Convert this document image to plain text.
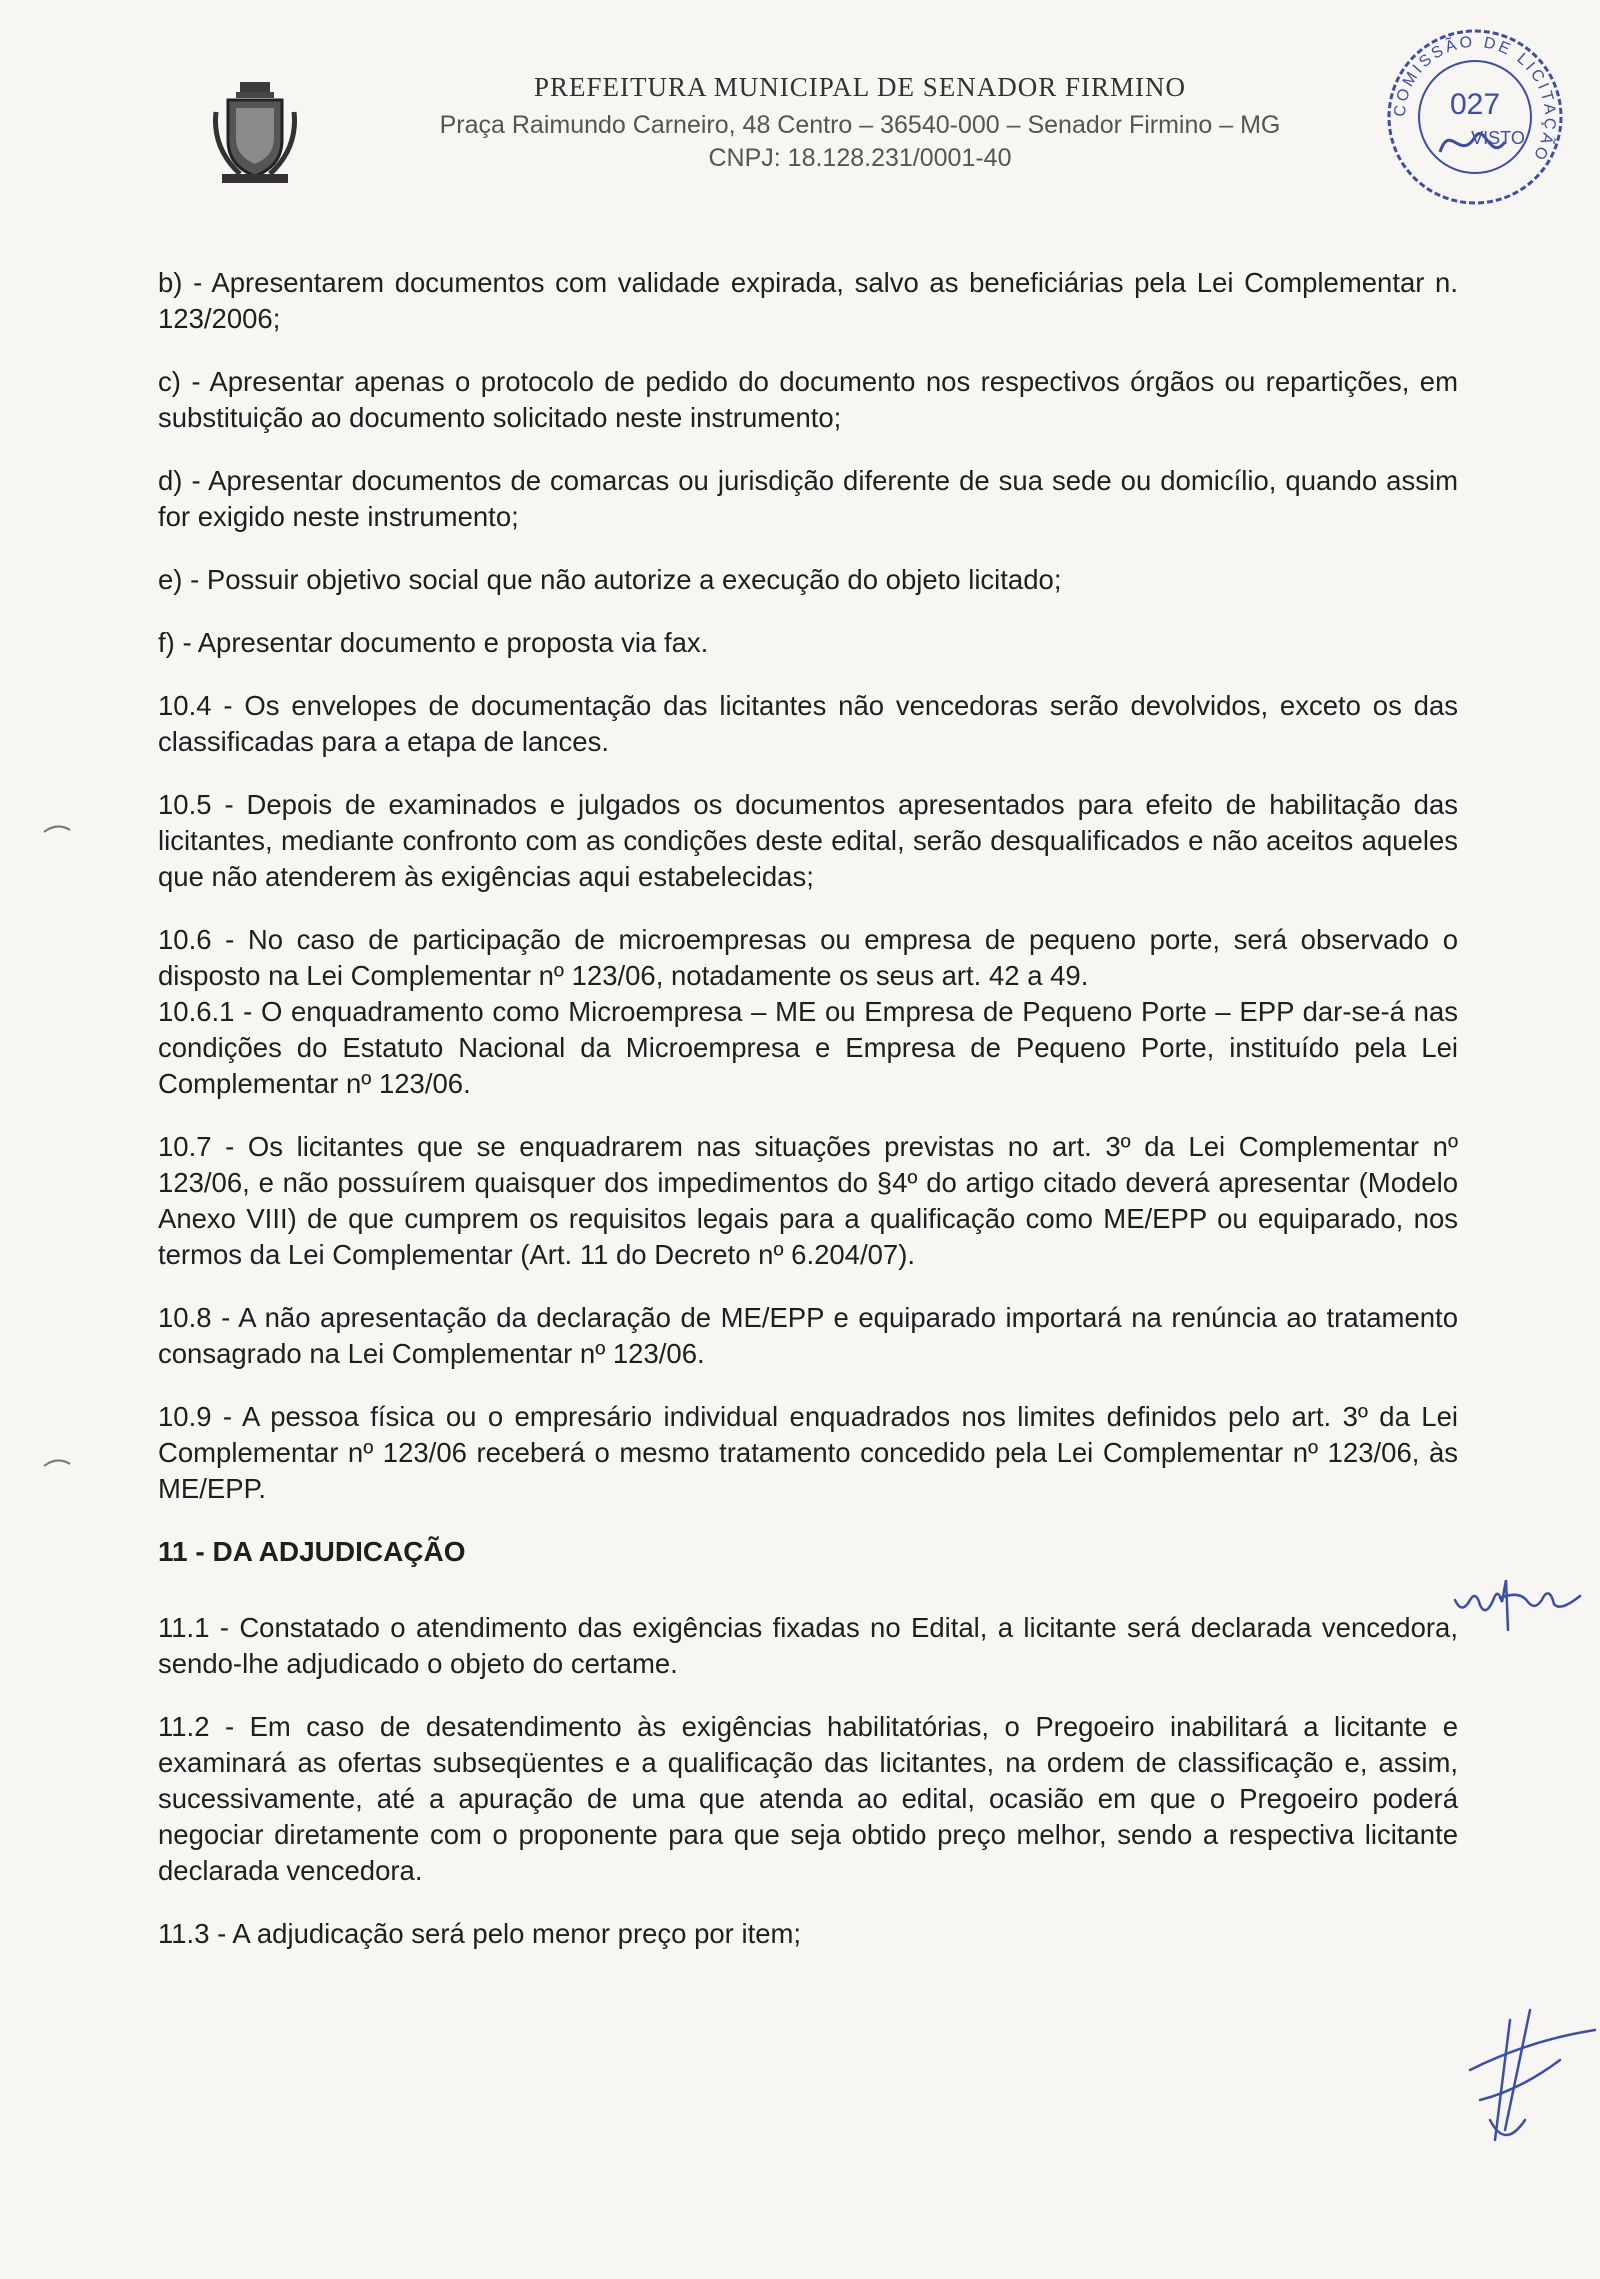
PREFEITURA MUNICIPAL DE SENADOR FIRMINO
Praça Raimundo Carneiro, 48 Centro – 36540-000 – Senador Firmino – MG
CNPJ: 18.128.231/0001-40
COMISSÃO DE LICITAÇÃO
027
VISTO

b) - Apresentarem documentos com validade expirada, salvo as beneficiárias pela Lei Complementar n. 123/2006;

c) - Apresentar apenas o protocolo de pedido do documento nos respectivos órgãos ou repartições, em substituição ao documento solicitado neste instrumento;

d) - Apresentar documentos de comarcas ou jurisdição diferente de sua sede ou domicílio, quando assim for exigido neste instrumento;

e) - Possuir objetivo social que não autorize a execução do objeto licitado;

f) - Apresentar documento e proposta via fax.

10.4 - Os envelopes de documentação das licitantes não vencedoras serão devolvidos, exceto os das classificadas para a etapa de lances.

10.5 - Depois de examinados e julgados os documentos apresentados para efeito de habilitação das licitantes, mediante confronto com as condições deste edital, serão desqualificados e não aceitos aqueles que não atenderem às exigências aqui estabelecidas;

10.6 - No caso de participação de microempresas ou empresa de pequeno porte, será observado o disposto na Lei Complementar nº 123/06, notadamente os seus art. 42 a 49.

10.6.1 - O enquadramento como Microempresa – ME ou Empresa de Pequeno Porte – EPP dar-se-á nas condições do Estatuto Nacional da Microempresa e Empresa de Pequeno Porte, instituído pela Lei Complementar nº 123/06.

10.7 - Os licitantes que se enquadrarem nas situações previstas no art. 3º da Lei Complementar nº 123/06, e não possuírem quaisquer dos impedimentos do §4º do artigo citado deverá apresentar (Modelo Anexo VIII) de que cumprem os requisitos legais para a qualificação como ME/EPP ou equiparado, nos termos da Lei Complementar (Art. 11 do Decreto nº 6.204/07).

10.8 - A não apresentação da declaração de ME/EPP e equiparado importará na renúncia ao tratamento consagrado na Lei Complementar nº 123/06.

10.9 - A pessoa física ou o empresário individual enquadrados nos limites definidos pelo art. 3º da Lei Complementar nº 123/06 receberá o mesmo tratamento concedido pela Lei Complementar nº 123/06, às ME/EPP.

11 - DA ADJUDICAÇÃO

11.1 - Constatado o atendimento das exigências fixadas no Edital, a licitante será declarada vencedora, sendo-lhe adjudicado o objeto do certame.

11.2 - Em caso de desatendimento às exigências habilitatórias, o Pregoeiro inabilitará a licitante e examinará as ofertas subseqüentes e a qualificação das licitantes, na ordem de classificação e, assim, sucessivamente, até a apuração de uma que atenda ao edital, ocasião em que o Pregoeiro poderá negociar diretamente com o proponente para que seja obtido preço melhor, sendo a respectiva licitante declarada vencedora.

11.3 - A adjudicação será pelo menor preço por item;
